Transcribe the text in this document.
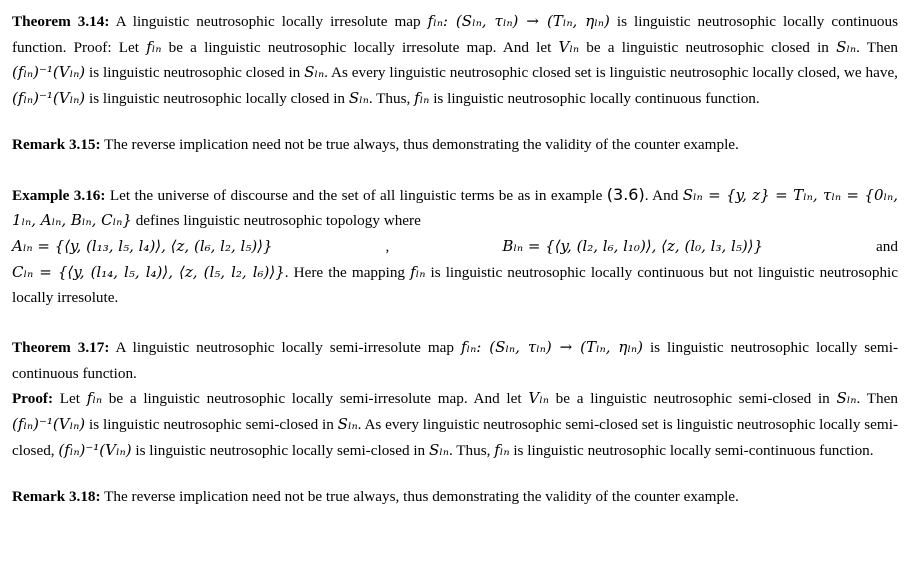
Theorem 3.14: A linguistic neutrosophic locally irresolute map fₗₙ: (Sₗₙ, τₗₙ) → (Tₗₙ, ηₗₙ) is linguistic neutrosophic locally continuous function. Proof: Let fₗₙ be a linguistic neutrosophic locally irresolute map. And let Vₗₙ be a linguistic neutrosophic closed in Sₗₙ. Then (fₗₙ)⁻¹(Vₗₙ) is linguistic neutrosophic closed in Sₗₙ. As every linguistic neutrosophic closed set is linguistic neutrosophic locally closed, we have, (fₗₙ)⁻¹(Vₗₙ) is linguistic neutrosophic locally closed in Sₗₙ. Thus, fₗₙ is linguistic neutrosophic locally continuous function.

Remark 3.15: The reverse implication need not be true always, thus demonstrating the validity of the counter example.

Example 3.16: Let the universe of discourse and the set of all linguistic terms be as in example (3.6). And Sₗₙ = {y, z} = Tₗₙ, τₗₙ = {0ₗₙ, 1ₗₙ, Aₗₙ, Bₗₙ, Cₗₙ} defines linguistic neutrosophic topology where

Aₗₙ = {⟨y, (l₁₃, l₅, l₄)⟩, ⟨z, (l₆, l₂, l₅)⟩}	,	Bₗₙ = {⟨y, (l₂, l₆, l₁₀)⟩, ⟨z, (l₀, l₃, l₅)⟩}	and

Cₗₙ = {⟨y, (l₁₄, l₅, l₄)⟩, ⟨z, (l₅, l₂, l₆)⟩}. Here the mapping fₗₙ is linguistic neutrosophic locally continuous but not linguistic neutrosophic locally irresolute.

Theorem 3.17: A linguistic neutrosophic locally semi-irresolute map fₗₙ: (Sₗₙ, τₗₙ) → (Tₗₙ, ηₗₙ) is linguistic neutrosophic locally semi-continuous function.

Proof: Let fₗₙ be a linguistic neutrosophic locally semi-irresolute map. And let Vₗₙ be a linguistic neutrosophic semi-closed in Sₗₙ. Then (fₗₙ)⁻¹(Vₗₙ) is linguistic neutrosophic semi-closed in Sₗₙ. As every linguistic neutrosophic semi-closed set is linguistic neutrosophic locally semi-closed, (fₗₙ)⁻¹(Vₗₙ) is linguistic neutrosophic locally semi-closed in Sₗₙ. Thus, fₗₙ is linguistic neutrosophic locally semi-continuous function.

Remark 3.18: The reverse implication need not be true always, thus demonstrating the validity of the counter example.
